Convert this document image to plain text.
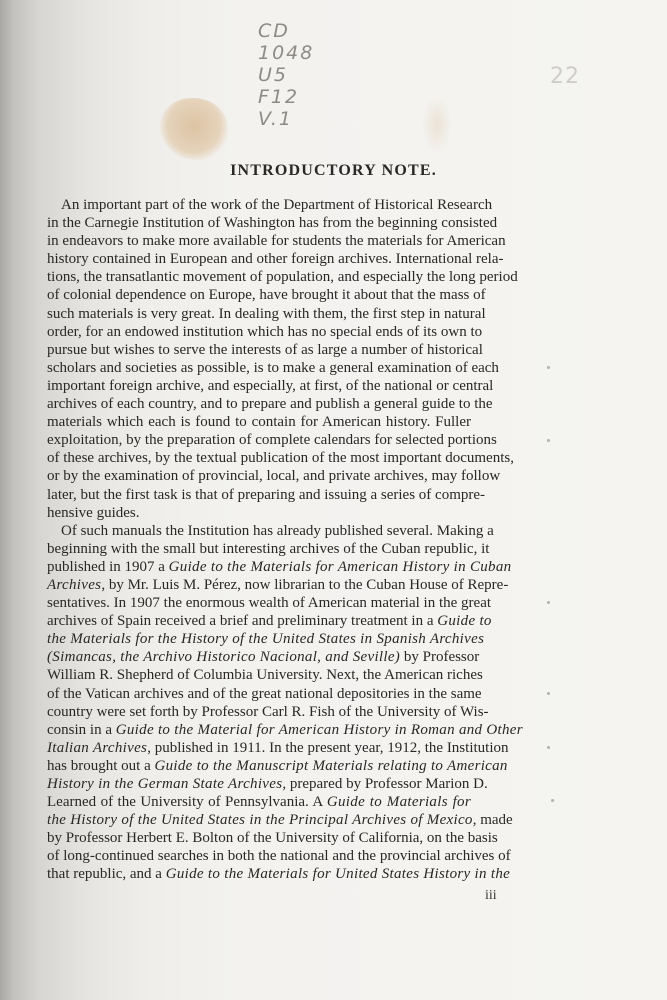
CD
1048
U5
F12
V.1
22
INTRODUCTORY NOTE.
An important part of the work of the Department of Historical Research
in the Carnegie Institution of Washington has from the beginning consisted
in endeavors to make more available for students the materials for American
history contained in European and other foreign archives. International rela-
tions, the transatlantic movement of population, and especially the long period
of colonial dependence on Europe, have brought it about that the mass of
such materials is very great. In dealing with them, the first step in natural
order, for an endowed institution which has no special ends of its own to
pursue but wishes to serve the interests of as large a number of historical
scholars and societies as possible, is to make a general examination of each
important foreign archive, and especially, at first, of the national or central
archives of each country, and to prepare and publish a general guide to the
materials which each is found to contain for American history. Fuller
exploitation, by the preparation of complete calendars for selected portions
of these archives, by the textual publication of the most important documents,
or by the examination of provincial, local, and private archives, may follow
later, but the first task is that of preparing and issuing a series of compre-
hensive guides.
Of such manuals the Institution has already published several. Making a
beginning with the small but interesting archives of the Cuban republic, it
published in 1907 a Guide to the Materials for American History in Cuban
Archives, by Mr. Luis M. Pérez, now librarian to the Cuban House of Repre-
sentatives. In 1907 the enormous wealth of American material in the great
archives of Spain received a brief and preliminary treatment in a Guide to
the Materials for the History of the United States in Spanish Archives
(Simancas, the Archivo Historico Nacional, and Seville) by Professor
William R. Shepherd of Columbia University. Next, the American riches
of the Vatican archives and of the great national depositories in the same
country were set forth by Professor Carl R. Fish of the University of Wis-
consin in a Guide to the Material for American History in Roman and Other
Italian Archives, published in 1911. In the present year, 1912, the Institution
has brought out a Guide to the Manuscript Materials relating to American
History in the German State Archives, prepared by Professor Marion D.
Learned of the University of Pennsylvania. A Guide to Materials for
the History of the United States in the Principal Archives of Mexico, made
by Professor Herbert E. Bolton of the University of California, on the basis
of long-continued searches in both the national and the provincial archives of
that republic, and a Guide to the Materials for United States History in the
iii
